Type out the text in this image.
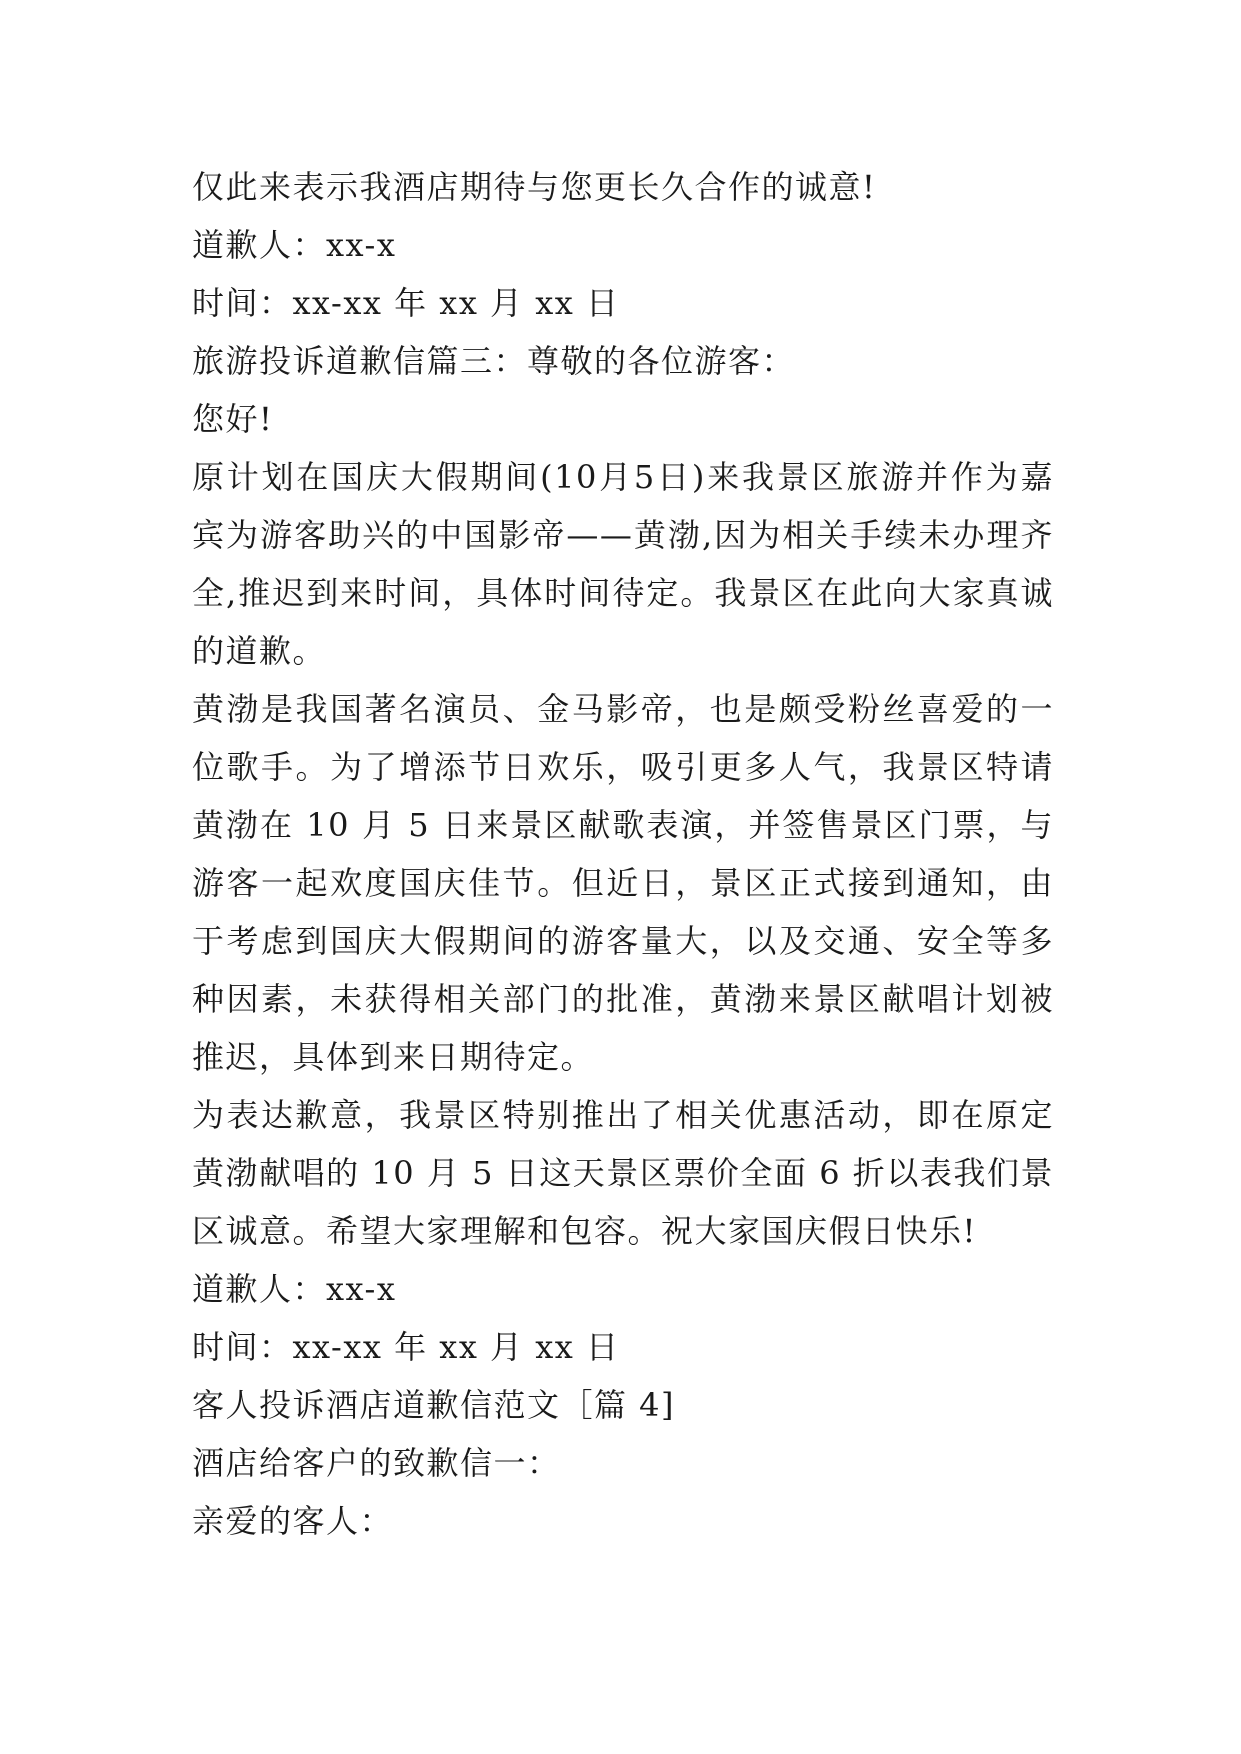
仅此来表示我酒店期待与您更长久合作的诚意!

道歉人：xx-x

时间：xx-xx 年 xx 月 xx 日

旅游投诉道歉信篇三：尊敬的各位游客：

您好!

原计划在国庆大假期间(10月5日)来我景区旅游并作为嘉宾为游客助兴的中国影帝——黄渤,因为相关手续未办理齐全,推迟到来时间，具体时间待定。我景区在此向大家真诚的道歉。

黄渤是我国著名演员、金马影帝，也是颇受粉丝喜爱的一位歌手。为了增添节日欢乐，吸引更多人气，我景区特请黄渤在 10 月 5 日来景区献歌表演，并签售景区门票，与游客一起欢度国庆佳节。但近日，景区正式接到通知，由于考虑到国庆大假期间的游客量大，以及交通、安全等多种因素，未获得相关部门的批准，黄渤来景区献唱计划被推迟，具体到来日期待定。

为表达歉意，我景区特别推出了相关优惠活动，即在原定黄渤献唱的 10 月 5 日这天景区票价全面 6 折以表我们景区诚意。希望大家理解和包容。祝大家国庆假日快乐!

道歉人：xx-x

时间：xx-xx 年 xx 月 xx 日

客人投诉酒店道歉信范文［篇 4]

酒店给客户的致歉信一：

亲爱的客人：
